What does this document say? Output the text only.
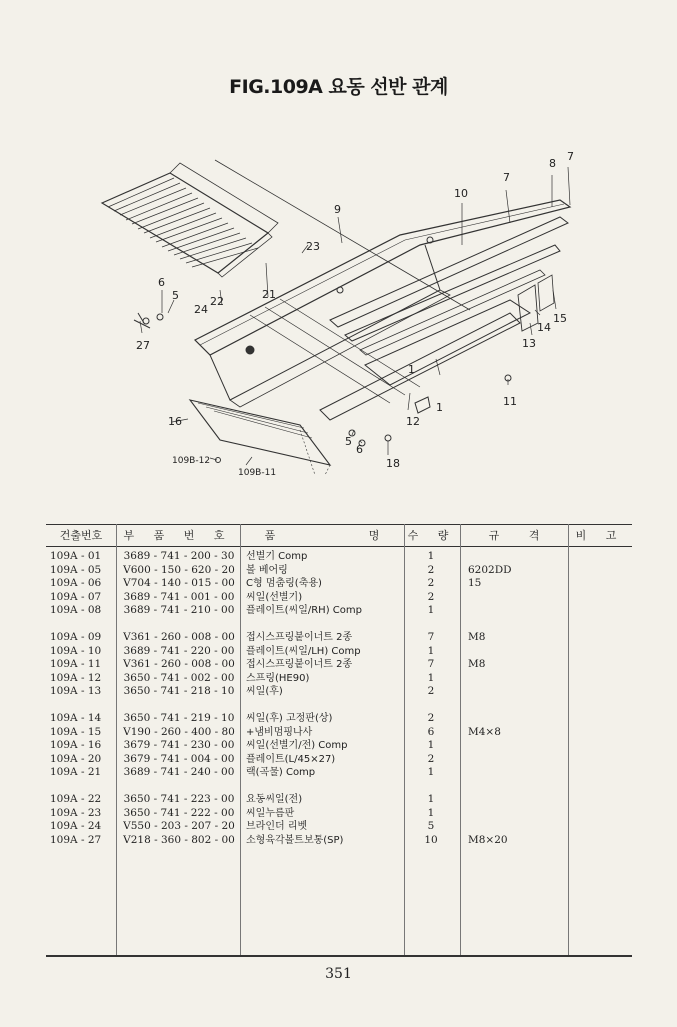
FIG.109A 요동 선반 관계
7
8
7
10
9
23
22
24
21
6
5
27
14
15
13
1	11
12
16
5
6
18
109B-12
109B-11
1
건출번호	부 품 번 호	품 명	수 량	규 격	비 고
109A - 01	3689 - 741 - 200 - 30	선별기 Comp	1
109A - 05	V600 - 150 - 620 - 20	볼 베어링	2	6202DD
109A - 06	V704 - 140 - 015 - 00	C형 멈춤링(축용)	2	15
109A - 07	3689 - 741 - 001 - 00	씨일(선별기)	2
109A - 08	3689 - 741 - 210 - 00	플레이트(씨일/RH) Comp	1
109A - 09	V361 - 260 - 008 - 00	접시스프링붙이너트 2종	7	M8
109A - 10	3689 - 741 - 220 - 00	플레이트(씨일/LH) Comp	1
109A - 11	V361 - 260 - 008 - 00	접시스프링붙이너트 2종	7	M8
109A - 12	3650 - 741 - 002 - 00	스프링(HE90)	1
109A - 13	3650 - 741 - 218 - 10	씨일(후)	2
109A - 14	3650 - 741 - 219 - 10	씨일(후) 고정판(상)	2
109A - 15	V190 - 260 - 400 - 80	+냄비멈핑나사	6	M4×8
109A - 16	3679 - 741 - 230 - 00	씨일(선별기/전) Comp	1
109A - 20	3679 - 741 - 004 - 00	플레이트(L/45×27)	2
109A - 21	3689 - 741 - 240 - 00	랙(곡물) Comp	1
109A - 22	3650 - 741 - 223 - 00	요동씨일(전)	1
109A - 23	3650 - 741 - 222 - 00	씨일누름판	1
109A - 24	V550 - 203 - 207 - 20	브라인더 리벳	5
109A - 27	V218 - 360 - 802 - 00	소형육각볼트보통(SP)	10	M8×20
351
